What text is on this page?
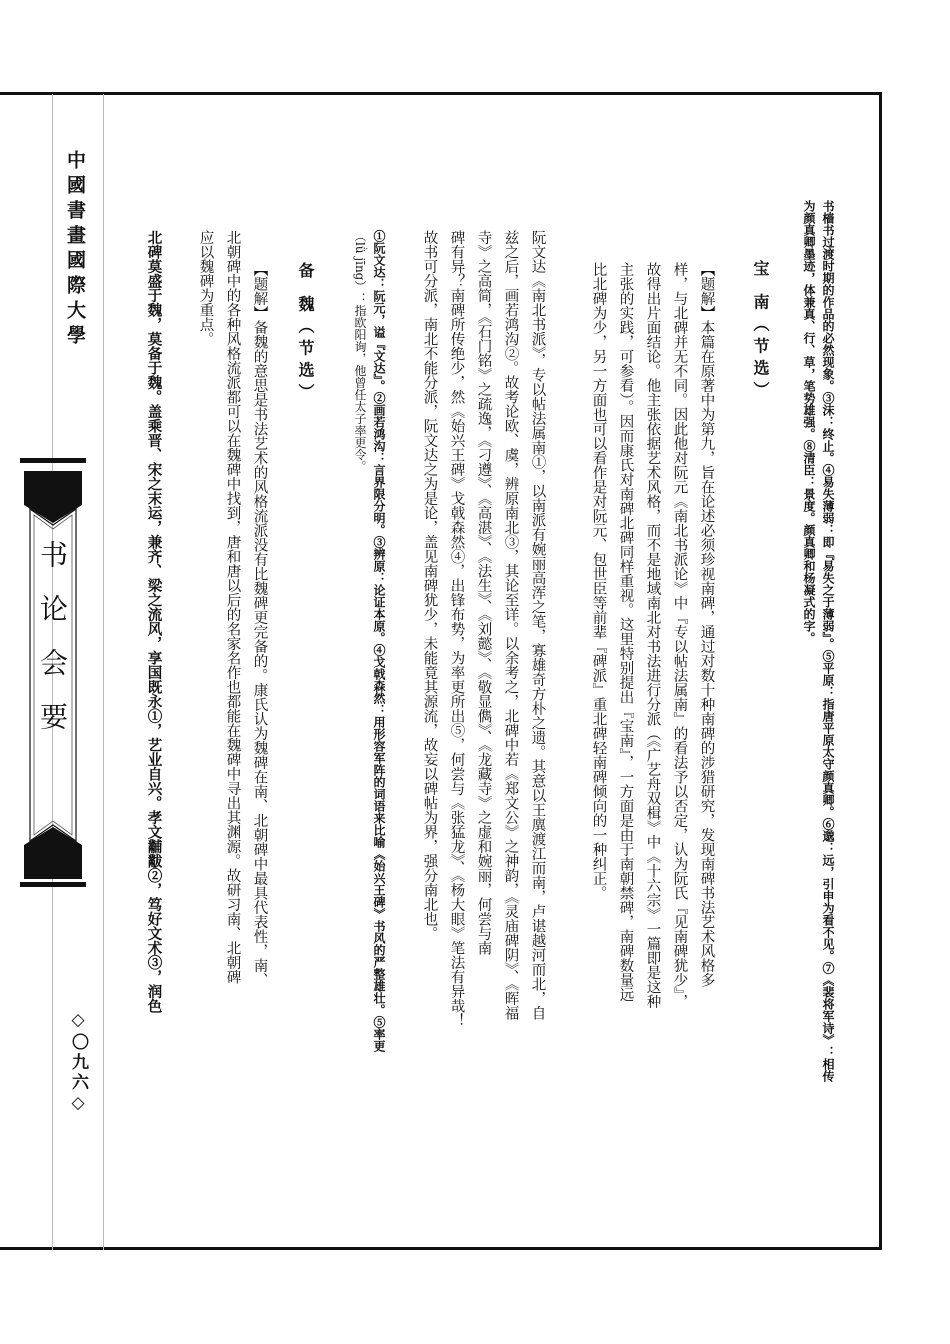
中國書畫國際大學
书论会要
◇〇九六◇	书樯书过渡时期的作品的必然现象。③沫：终止。④易失薄弱：即『易失之于薄弱』。⑤平原：指唐平原太守颜真卿。⑥邈：远，引申为看不见。⑦《裴将军诗》：相传
为颜真卿墨迹，体兼真、行、草，笔势雄强。⑧清臣：景度。颜真卿和杨凝式的字。
宝 南（节选）
【题解】本篇在原著中为第九，旨在论述必须珍视南碑，通过对数十种南碑的涉猎研究，发现南碑书法艺术风格多
样，与北碑并无不同。因此他对阮元《南北书派论》中『专以帖法属南』的看法予以否定，认为阮氏『见南碑犹少』，
故得出片面结论。他主张依据艺术风格，而不是地域南北对书法进行分派（《广艺舟双楫》中《十六宗》一篇即是这种
主张的实践，可参看）。因而康氏对南碑北碑同样重视。这里特别提出『宝南』，一方面是由于南朝禁碑，南碑数量远
比北碑为少，另一方面也可以看作是对阮元、包世臣等前辈『碑派』重北碑轻南碑倾向的一种纠正。
阮文达《南北书派》，专以帖法属南①，以南派有婉丽高浑之笔，寡雄奇方朴之遗。其意以王廙渡江而南，卢谌越河而北，自
兹之后，画若鸿沟②。故考论欧、虞，辨原南北③，其论至详。以余考之，北碑中若《郑文公》之神韵，《灵庙碑阴》、《晖福
寺》之高简，《石门铭》之疏逸，《刁遵》、《高湛》、《法生》、《刘懿》、《敬显儁》、《龙藏寺》之虚和婉丽，何尝与南
碑有异？南碑所传绝少，然《始兴王碑》戈戟森然④，出锋布势，为率更所出⑤，何尝与《张猛龙》、《杨大眼》笔法有异哉！
故书可分派，南北不能分派，阮文达之为是论，盖见南碑犹少，未能竟其源流，故妄以碑帖为界，强分南北也。
①阮文达：阮元，谥『文达』。②画若鸿沟：言界限分明。③辨原：论证本原。④戈戟森然：用形容军阵的词语来比喻《始兴王碑》书风的严整雄壮。⑤率更
（lǜ jīng）：指欧阳询，他曾任太子率更令。
备 魏（节选）
【题解】备魏的意思是书法艺术的风格流派没有比魏碑更完备的。康氏认为魏碑在南、北朝碑中最具代表性，南、
北朝碑中的各种风格流派都可以在魏碑中找到，唐和唐以后的名家名作也都能在魏碑中寻出其渊源。故研习南、北朝碑
应以魏碑为重点。
北碑莫盛于魏，莫备于魏。盖乘晋、宋之末运，兼齐、梁之流风，享国既永①，艺业自兴。孝文黼黻②，笃好文术③，润色
